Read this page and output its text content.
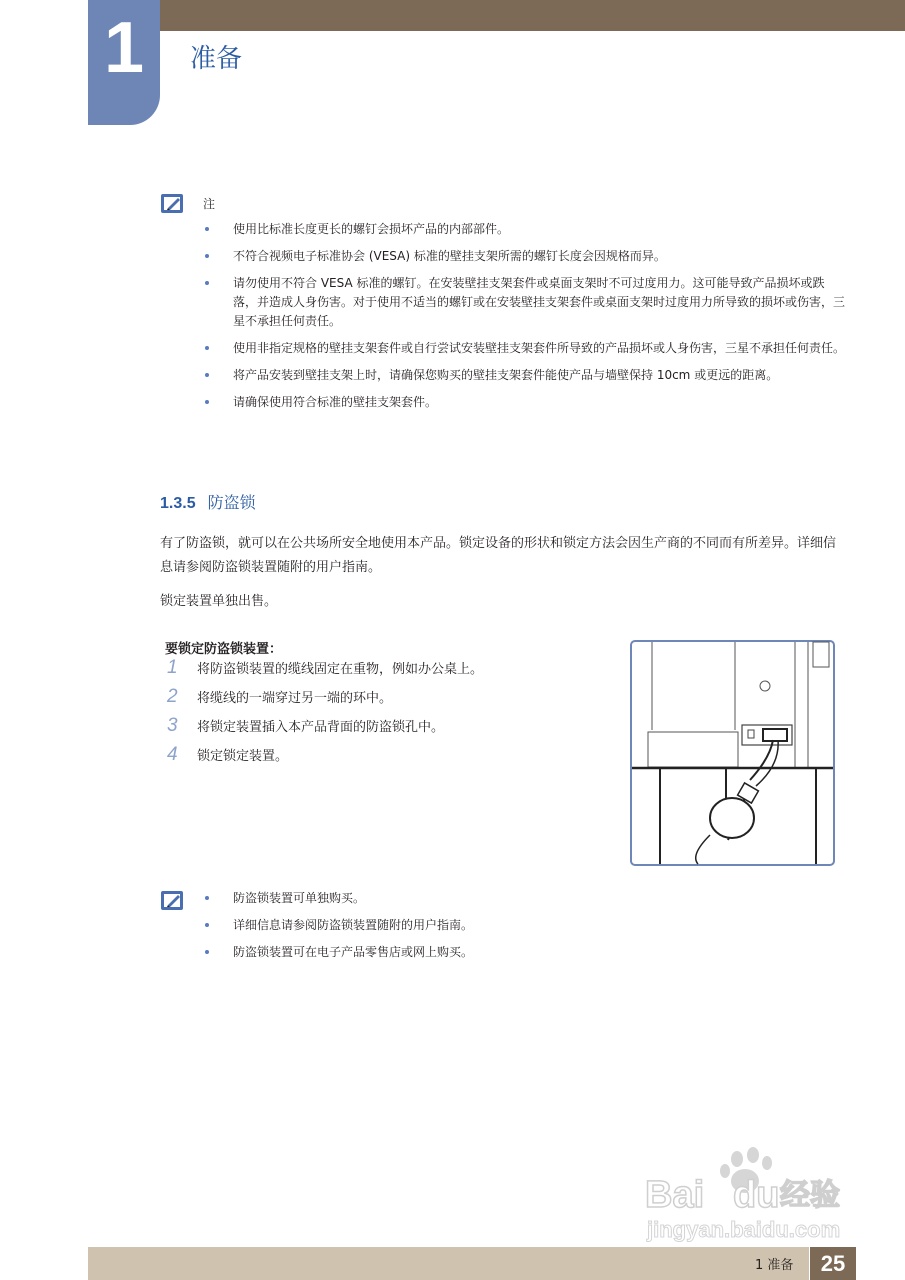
1	准备
注
使用比标准长度更长的螺钉会损坏产品的内部部件。
不符合视频电子标准协会 (VESA) 标准的壁挂支架所需的螺钉长度会因规格而异。
请勿使用不符合 VESA 标准的螺钉。在安装壁挂支架套件或桌面支架时不可过度用力。这可能导致产品损坏或跌落，并造成人身伤害。对于使用不适当的螺钉或在安装壁挂支架套件或桌面支架时过度用力所导致的损坏或伤害，三星不承担任何责任。
使用非指定规格的壁挂支架套件或自行尝试安装壁挂支架套件所导致的产品损坏或人身伤害，三星不承担任何责任。
将产品安装到壁挂支架上时，请确保您购买的壁挂支架套件能使产品与墙壁保持 10cm 或更远的距离。
请确保使用符合标准的壁挂支架套件。
1.3.5 防盗锁

有了防盗锁，就可以在公共场所安全地使用本产品。锁定设备的形状和锁定方法会因生产商的不同而有所差异。详细信息请参阅防盗锁装置随附的用户指南。

锁定装置单独出售。

要锁定防盗锁装置：
1 将防盗锁装置的缆线固定在重物，例如办公桌上。
2 将缆线的一端穿过另一端的环中。
3 将锁定装置插入本产品背面的防盗锁孔中。
4 锁定锁定装置。
防盗锁装置可单独购买。
详细信息请参阅防盗锁装置随附的用户指南。
防盗锁装置可在电子产品零售店或网上购买。
Bai du 经验
jingyan.baidu.com
1 准备	25
